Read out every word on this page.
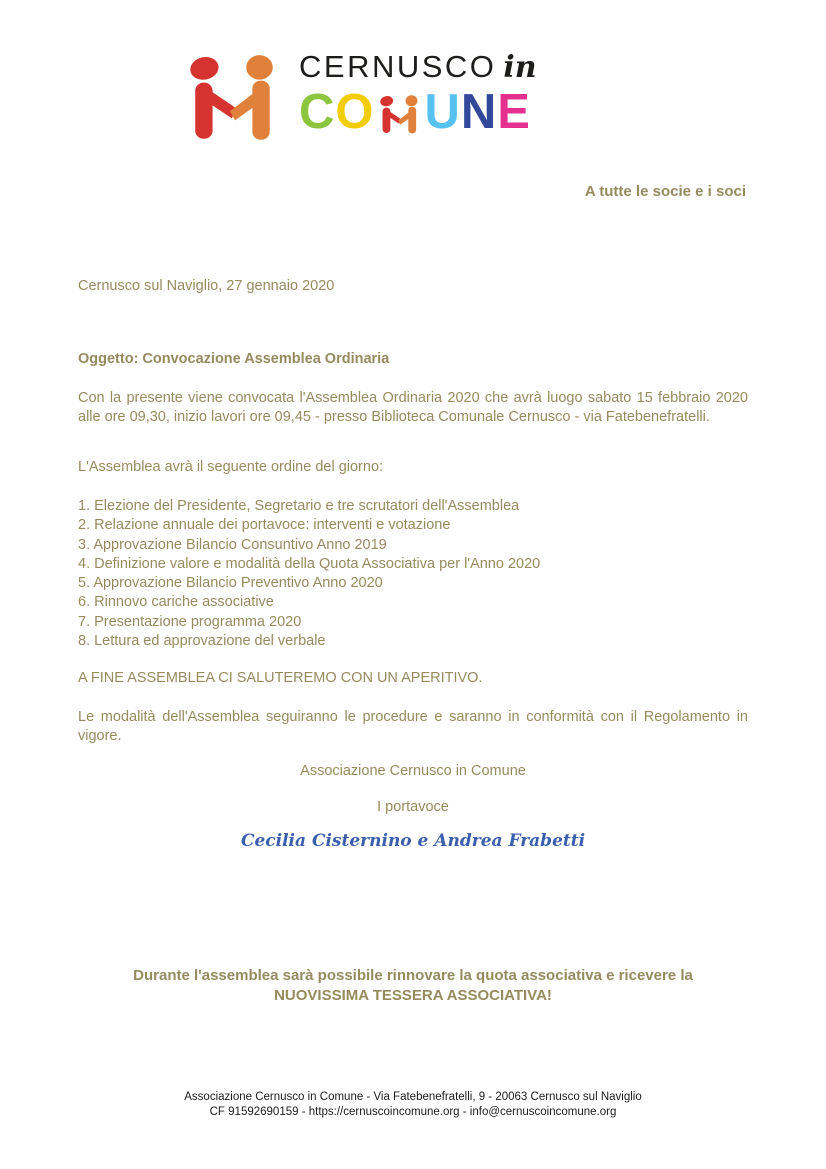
CERNUSCO in
C O U N E
A tutte le socie e i soci
Cernusco sul Naviglio, 27 gennaio 2020
Oggetto: Convocazione Assemblea Ordinaria
Con la presente viene convocata l'Assemblea Ordinaria 2020 che avrà luogo sabato 15 febbraio 2020 alle ore 09,30, inizio lavori ore 09,45 - presso Biblioteca Comunale Cernusco - via Fatebenefratelli.
L'Assemblea avrà il seguente ordine del giorno:
1. Elezione del Presidente, Segretario e tre scrutatori dell'Assemblea
2. Relazione annuale dei portavoce: interventi e votazione
3. Approvazione Bilancio Consuntivo Anno 2019
4. Definizione valore e modalità della Quota Associativa per l'Anno 2020
5. Approvazione Bilancio Preventivo Anno 2020
6. Rinnovo cariche associative
7. Presentazione programma 2020
8. Lettura ed approvazione del verbale
A FINE ASSEMBLEA CI SALUTEREMO CON UN APERITIVO.
Le modalità dell'Assemblea seguiranno le procedure e saranno in conformità con il Regolamento in vigore.
Associazione Cernusco in Comune
I portavoce
Cecilia Cisternino e Andrea Frabetti
Durante l'assemblea sarà possibile rinnovare la quota associativa e ricevere la
NUOVISSIMA TESSERA ASSOCIATIVA!
Associazione Cernusco in Comune - Via Fatebenefratelli, 9 - 20063 Cernusco sul Naviglio
CF 91592690159 - https://cernuscoincomune.org - info@cernuscoincomune.org
